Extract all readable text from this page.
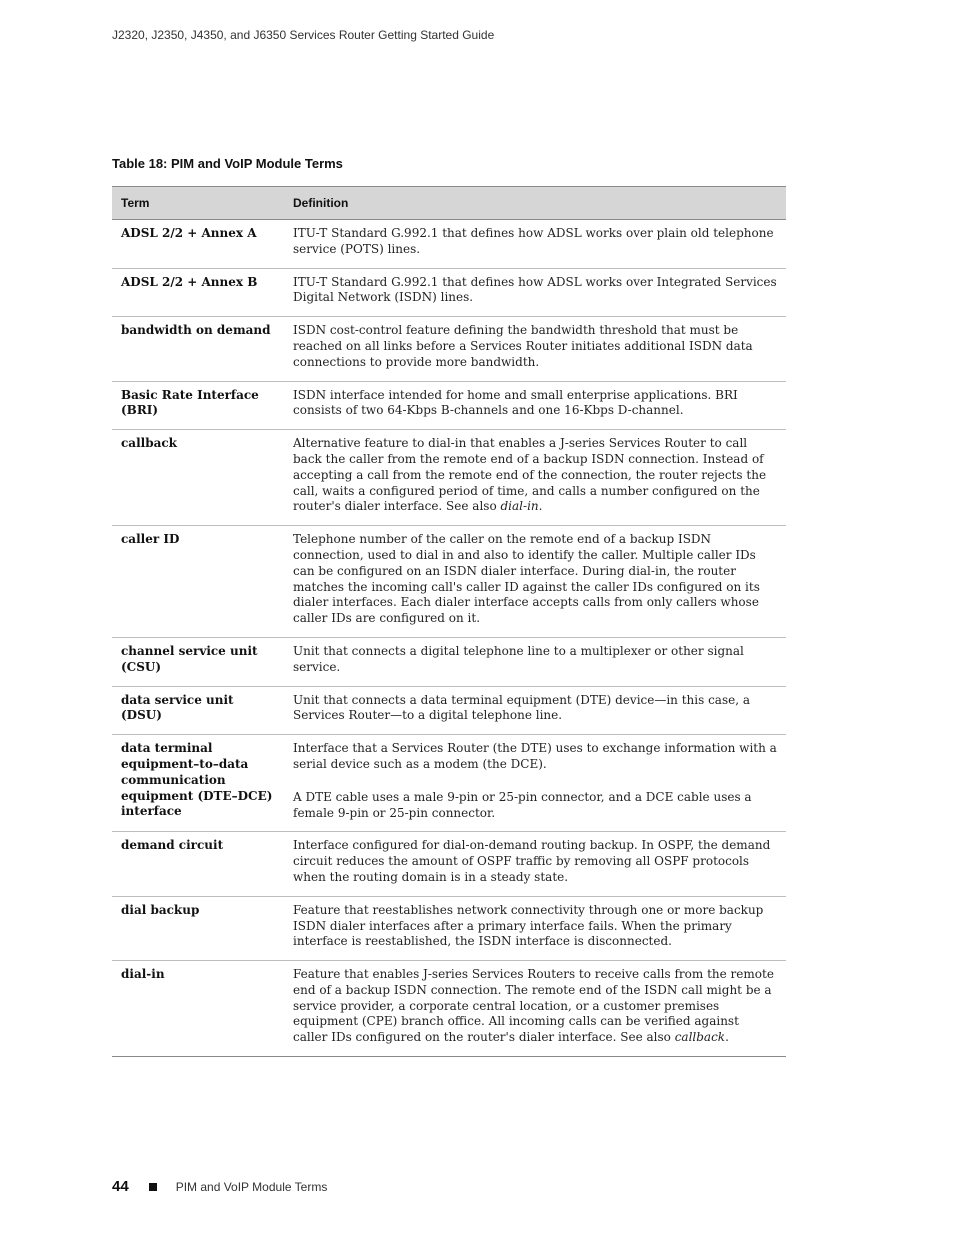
J2320, J2350, J4350, and J6350 Services Router Getting Started Guide
Table 18: PIM and VoIP Module Terms
Term	Definition
ADSL 2/2 + Annex A	ITU-T Standard G.992.1 that defines how ADSL works over plain old telephone service (POTS) lines.

ADSL 2/2 + Annex B	ITU-T Standard G.992.1 that defines how ADSL works over Integrated Services Digital Network (ISDN) lines.

bandwidth on demand	ISDN cost-control feature defining the bandwidth threshold that must be reached on all links before a Services Router initiates additional ISDN data connections to provide more bandwidth.

Basic Rate Interface (BRI)	ISDN interface intended for home and small enterprise applications. BRI consists of two 64-Kbps B-channels and one 16-Kbps D-channel.

callback	Alternative feature to dial-in that enables a J-series Services Router to call back the caller from the remote end of a backup ISDN connection. Instead of accepting a call from the remote end of the connection, the router rejects the call, waits a configured period of time, and calls a number configured on the router's dialer interface. See also dial-in.

caller ID	Telephone number of the caller on the remote end of a backup ISDN connection, used to dial in and also to identify the caller. Multiple caller IDs can be configured on an ISDN dialer interface. During dial-in, the router matches the incoming call's caller ID against the caller IDs configured on its dialer interfaces. Each dialer interface accepts calls from only callers whose caller IDs are configured on it.

channel service unit (CSU)	Unit that connects a digital telephone line to a multiplexer or other signal service.

data service unit (DSU)	Unit that connects a data terminal equipment (DTE) device—in this case, a Services Router—to a digital telephone line.

data terminal equipment–to–data communication equipment (DTE–DCE) interface	Interface that a Services Router (the DTE) uses to exchange information with a serial device such as a modem (the DCE).

A DTE cable uses a male 9-pin or 25-pin connector, and a DCE cable uses a female 9-pin or 25-pin connector.

demand circuit	Interface configured for dial-on-demand routing backup. In OSPF, the demand circuit reduces the amount of OSPF traffic by removing all OSPF protocols when the routing domain is in a steady state.

dial backup	Feature that reestablishes network connectivity through one or more backup ISDN dialer interfaces after a primary interface fails. When the primary interface is reestablished, the ISDN interface is disconnected.

dial-in	Feature that enables J-series Services Routers to receive calls from the remote end of a backup ISDN connection. The remote end of the ISDN call might be a service provider, a corporate central location, or a customer premises equipment (CPE) branch office. All incoming calls can be verified against caller IDs configured on the router's dialer interface. See also callback.

44	PIM and VoIP Module Terms
